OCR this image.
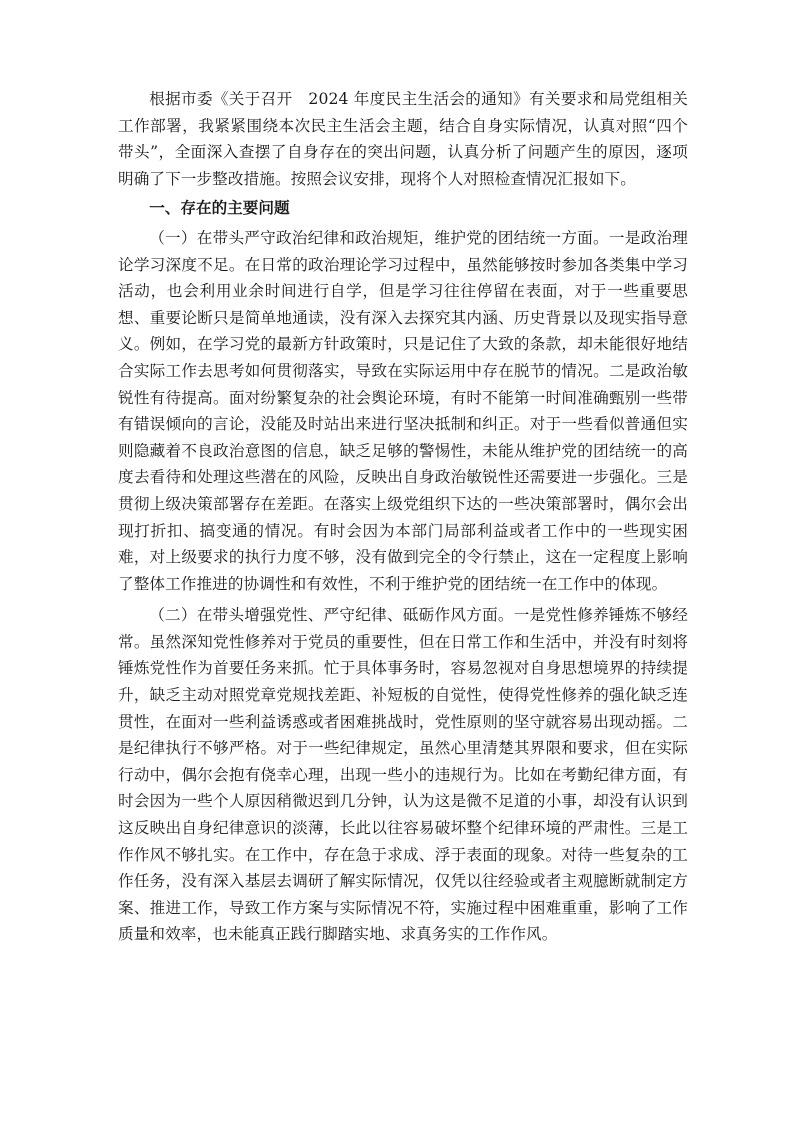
根据市委《关于召开　2024 年度民主生活会的通知》有关要求和局党组相关工作部署，我紧紧围绕本次民主生活会主题，结合自身实际情况，认真对照“四个带头”，全面深入查摆了自身存在的突出问题，认真分析了问题产生的原因，逐项明确了下一步整改措施。按照会议安排，现将个人对照检查情况汇报如下。

一、存在的主要问题

（一）在带头严守政治纪律和政治规矩，维护党的团结统一方面。一是政治理论学习深度不足。在日常的政治理论学习过程中，虽然能够按时参加各类集中学习活动，也会利用业余时间进行自学，但是学习往往停留在表面，对于一些重要思想、重要论断只是简单地通读，没有深入去探究其内涵、历史背景以及现实指导意义。例如，在学习党的最新方针政策时，只是记住了大致的条款，却未能很好地结合实际工作去思考如何贯彻落实，导致在实际运用中存在脱节的情况。二是政治敏锐性有待提高。面对纷繁复杂的社会舆论环境，有时不能第一时间准确甄别一些带有错误倾向的言论，没能及时站出来进行坚决抵制和纠正。对于一些看似普通但实则隐藏着不良政治意图的信息，缺乏足够的警惕性，未能从维护党的团结统一的高度去看待和处理这些潜在的风险，反映出自身政治敏锐性还需要进一步强化。三是贯彻上级决策部署存在差距。在落实上级党组织下达的一些决策部署时，偶尔会出现打折扣、搞变通的情况。有时会因为本部门局部利益或者工作中的一些现实困难，对上级要求的执行力度不够，没有做到完全的令行禁止，这在一定程度上影响了整体工作推进的协调性和有效性，不利于维护党的团结统一在工作中的体现。

（二）在带头增强党性、严守纪律、砥砺作风方面。一是党性修养锤炼不够经常。虽然深知党性修养对于党员的重要性，但在日常工作和生活中，并没有时刻将锤炼党性作为首要任务来抓。忙于具体事务时，容易忽视对自身思想境界的持续提升，缺乏主动对照党章党规找差距、补短板的自觉性，使得党性修养的强化缺乏连贯性，在面对一些利益诱惑或者困难挑战时，党性原则的坚守就容易出现动摇。二是纪律执行不够严格。对于一些纪律规定，虽然心里清楚其界限和要求，但在实际行动中，偶尔会抱有侥幸心理，出现一些小的违规行为。比如在考勤纪律方面，有时会因为一些个人原因稍微迟到几分钟，认为这是微不足道的小事，却没有认识到这反映出自身纪律意识的淡薄，长此以往容易破坏整个纪律环境的严肃性。三是工作作风不够扎实。在工作中，存在急于求成、浮于表面的现象。对待一些复杂的工作任务，没有深入基层去调研了解实际情况，仅凭以往经验或者主观臆断就制定方案、推进工作，导致工作方案与实际情况不符，实施过程中困难重重，影响了工作质量和效率，也未能真正践行脚踏实地、求真务实的工作作风。
